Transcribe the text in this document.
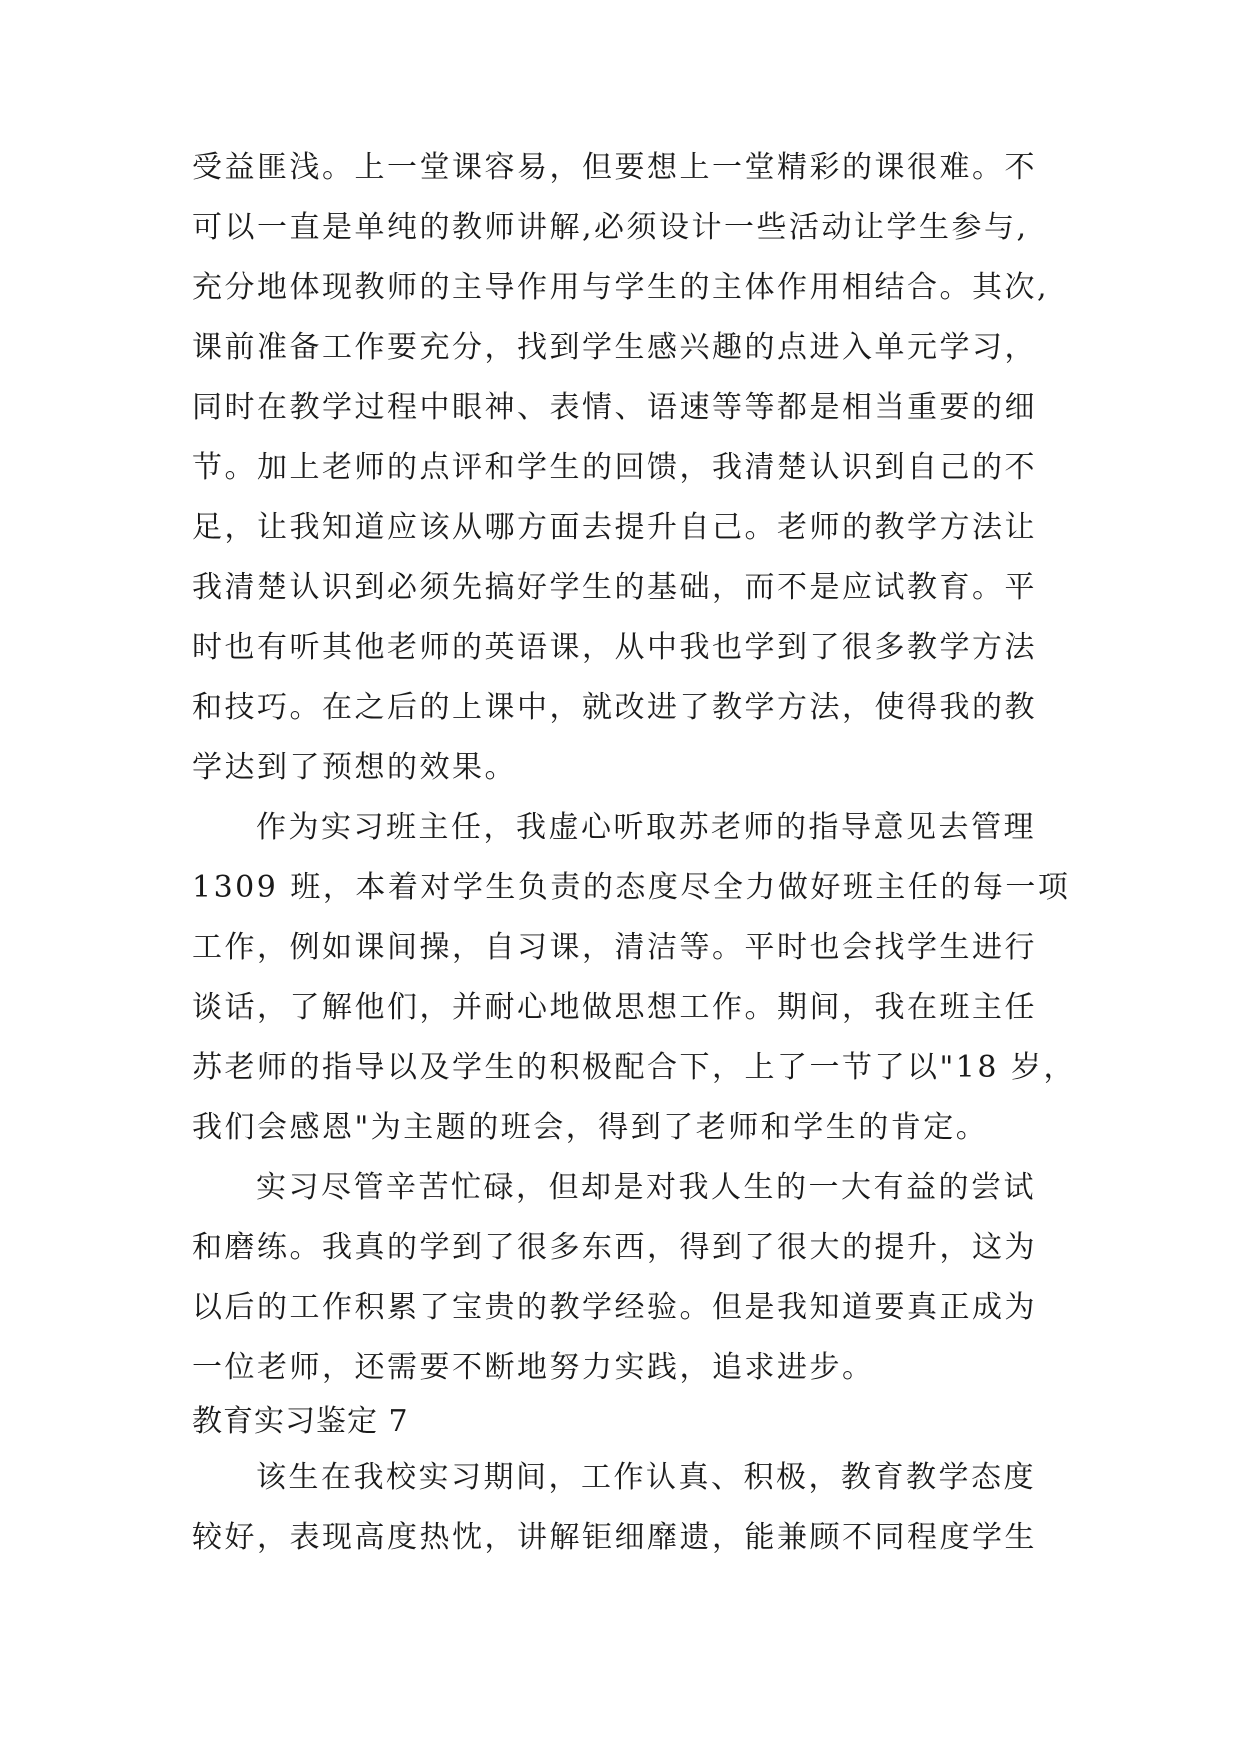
受益匪浅。上一堂课容易，但要想上一堂精彩的课很难。不
可以一直是单纯的教师讲解,必须设计一些活动让学生参与,
充分地体现教师的主导作用与学生的主体作用相结合。其次,
课前准备工作要充分，找到学生感兴趣的点进入单元学习，
同时在教学过程中眼神、表情、语速等等都是相当重要的细
节。加上老师的点评和学生的回馈，我清楚认识到自己的不
足，让我知道应该从哪方面去提升自己。老师的教学方法让
我清楚认识到必须先搞好学生的基础，而不是应试教育。平
时也有听其他老师的英语课，从中我也学到了很多教学方法
和技巧。在之后的上课中，就改进了教学方法，使得我的教
学达到了预想的效果。
作为实习班主任，我虚心听取苏老师的指导意见去管理
1309 班，本着对学生负责的态度尽全力做好班主任的每一项
工作，例如课间操，自习课，清洁等。平时也会找学生进行
谈话，了解他们，并耐心地做思想工作。期间，我在班主任
苏老师的指导以及学生的积极配合下，上了一节了以"18 岁，
我们会感恩"为主题的班会，得到了老师和学生的肯定。
实习尽管辛苦忙碌，但却是对我人生的一大有益的尝试
和磨练。我真的学到了很多东西，得到了很大的提升，这为
以后的工作积累了宝贵的教学经验。但是我知道要真正成为
一位老师，还需要不断地努力实践，追求进步。
教育实习鉴定 7
该生在我校实习期间，工作认真、积极，教育教学态度
较好，表现高度热忱，讲解钜细靡遗，能兼顾不同程度学生
